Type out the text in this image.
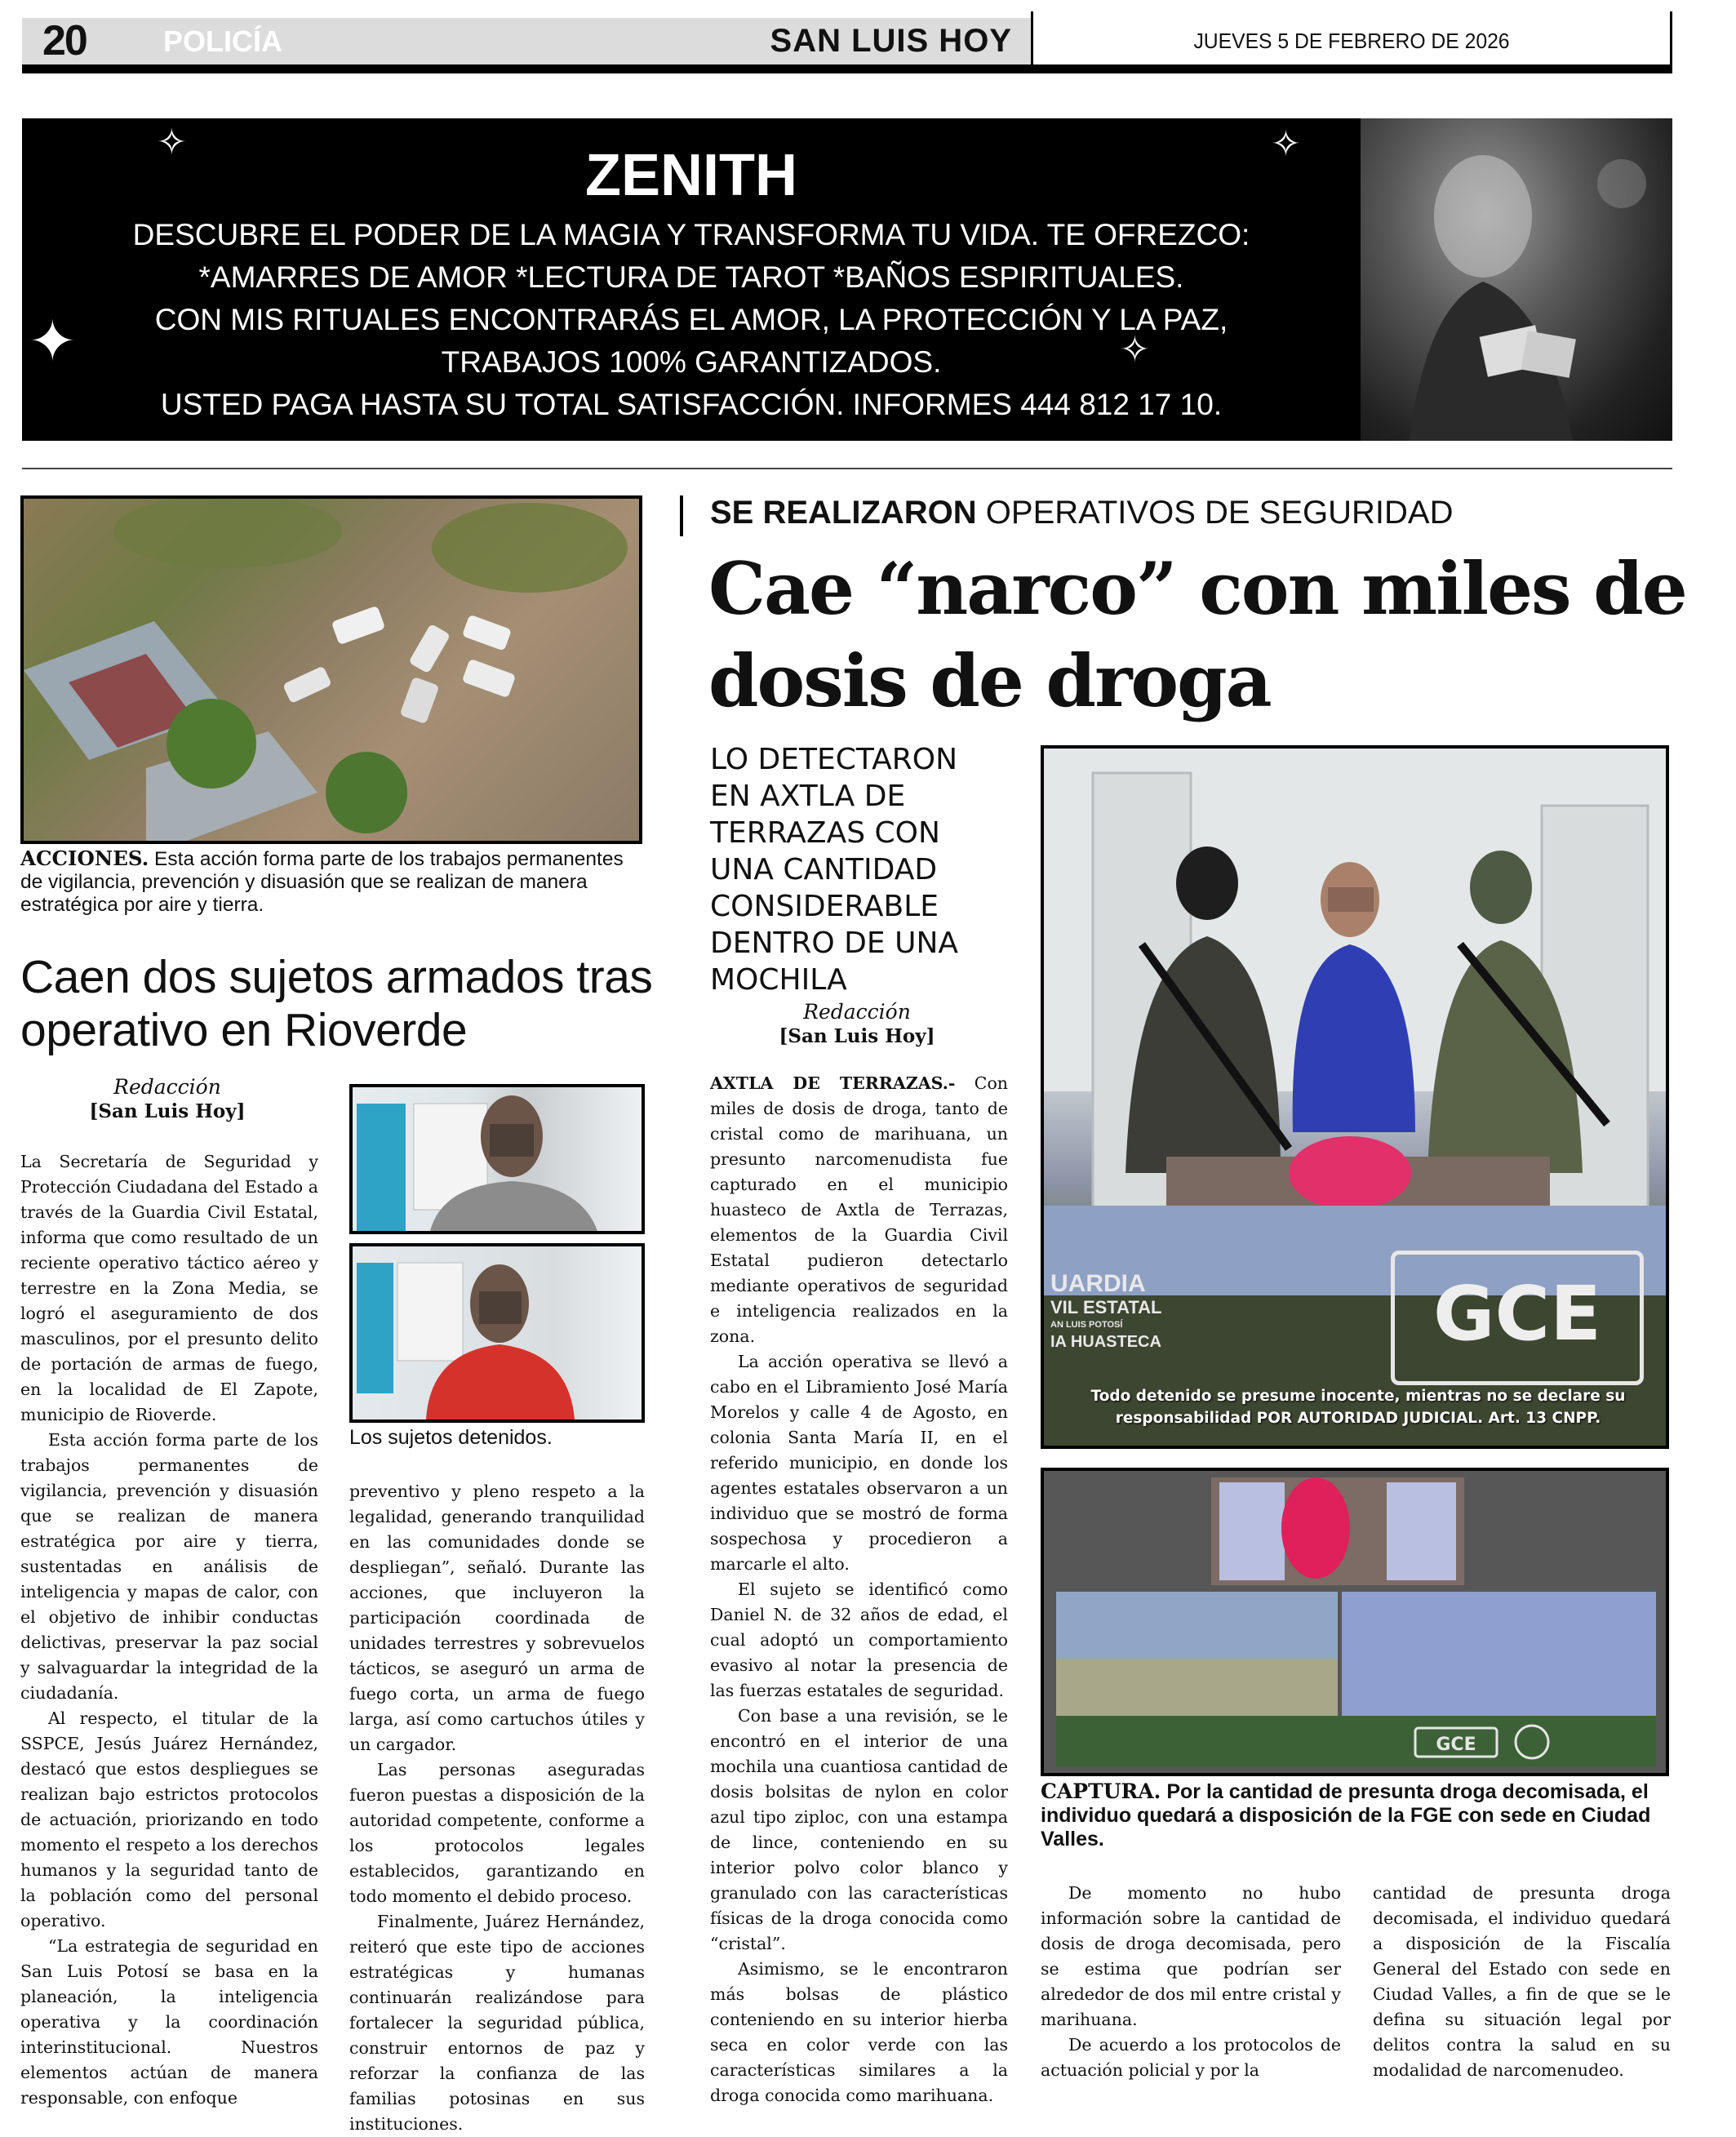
20	POLICÍA	SAN LUIS HOY	JUEVES 5 DE FEBRERO DE 2026
ZENITH
DESCUBRE EL PODER DE LA MAGIA Y TRANSFORMA TU VIDA. TE OFREZCO:
*AMARRES DE AMOR *LECTURA DE TAROT *BAÑOS ESPIRITUALES.
CON MIS RITUALES ENCONTRARÁS EL AMOR, LA PROTECCIÓN Y LA PAZ,
TRABAJOS 100% GARANTIZADOS.
USTED PAGA HASTA SU TOTAL SATISFACCIÓN. INFORMES 444 812 17 10.
✧	✧
✦	✧
ACCIONES. Esta acción forma parte de los trabajos permanentes de vigilancia, prevención y disuasión que se realizan de manera estratégica por aire y tierra.
Caen dos sujetos armados tras operativo en Rioverde
Redacción
[San Luis Hoy]
Los sujetos detenidos.

La Secretaría de Seguridad y Protección Ciudadana del Estado a través de la Guardia Civil Estatal, informa que como resultado de un reciente operativo táctico aéreo y terrestre en la Zona Media, se logró el aseguramiento de dos masculinos, por el presunto delito de portación de armas de fuego, en la localidad de El Zapote, municipio de Rioverde.

Esta acción forma parte de los trabajos permanentes de vigilancia, prevención y disuasión que se realizan de manera estratégica por aire y tierra, sustentadas en análisis de inteligencia y mapas de calor, con el objetivo de inhibir conductas delictivas, preservar la paz social y salvaguardar la integridad de la ciudadanía.

Al respecto, el titular de la SSPCE, Jesús Juárez Hernández, destacó que estos despliegues se realizan bajo estrictos protocolos de actuación, priorizando en todo momento el respeto a los derechos humanos y la seguridad tanto de la población como del personal operativo.

“La estrategia de seguridad en San Luis Potosí se basa en la planeación, la inteligencia operativa y la coordinación interinstitucional. Nuestros elementos actúan de manera responsable, con enfoque

preventivo y pleno respeto a la legalidad, generando tranquilidad en las comunidades donde se despliegan”, señaló. Durante las acciones, que incluyeron la participación coordinada de unidades terrestres y sobrevuelos tácticos, se aseguró un arma de fuego corta, un arma de fuego larga, así como cartuchos útiles y un cargador.

Las personas aseguradas fueron puestas a disposición de la autoridad competente, conforme a los protocolos legales establecidos, garantizando en todo momento el debido proceso.

Finalmente, Juárez Hernández, reiteró que este tipo de acciones estratégicas y humanas continuarán realizándose para fortalecer la seguridad pública, construir entornos de paz y reforzar la confianza de las familias potosinas en sus instituciones.

SE REALIZARON OPERATIVOS DE SEGURIDAD
Cae “narco” con miles de dosis de droga
LO DETECTARON EN AXTLA DE TERRAZAS CON UNA CANTIDAD CONSIDERABLE DENTRO DE UNA MOCHILA
Redacción
[San Luis Hoy]
UARDIA
VIL ESTATAL
AN LUIS POTOSÍ
IA HUASTECA	GCE
Todo detenido se presume inocente, mientras no se declare su responsabilidad POR AUTORIDAD JUDICIAL. Art. 13 CNPP.
GCE
CAPTURA. Por la cantidad de presunta droga decomisada, el individuo quedará a disposición de la FGE con sede en Ciudad Valles.

AXTLA DE TERRAZAS.- Con miles de dosis de droga, tanto de cristal como de marihuana, un presunto narcomenudista fue capturado en el municipio huasteco de Axtla de Terrazas, elementos de la Guardia Civil Estatal pudieron detectarlo mediante operativos de seguridad e inteligencia realizados en la zona.

La acción operativa se llevó a cabo en el Libramiento José María Morelos y calle 4 de Agosto, en colonia Santa María II, en el referido municipio, en donde los agentes estatales observaron a un individuo que se mostró de forma sospechosa y procedieron a marcarle el alto.

El sujeto se identificó como Daniel N. de 32 años de edad, el cual adoptó un comportamiento evasivo al notar la presencia de las fuerzas estatales de seguridad.

Con base a una revisión, se le encontró en el interior de una mochila una cuantiosa cantidad de dosis bolsitas de nylon en color azul tipo ziploc, con una estampa de lince, conteniendo en su interior polvo color blanco y granulado con las características físicas de la droga conocida como “cristal”.

Asimismo, se le encontraron más bolsas de plástico conteniendo en su interior hierba seca en color verde con las características similares a la droga conocida como marihuana.

De momento no hubo información sobre la cantidad de dosis de droga decomisada, pero se estima que podrían ser alrededor de dos mil entre cristal y marihuana.

De acuerdo a los protocolos de actuación policial y por la

cantidad de presunta droga decomisada, el individuo quedará a disposición de la Fiscalía General del Estado con sede en Ciudad Valles, a fin de que se le defina su situación legal por delitos contra la salud en su modalidad de narcomenudeo.
